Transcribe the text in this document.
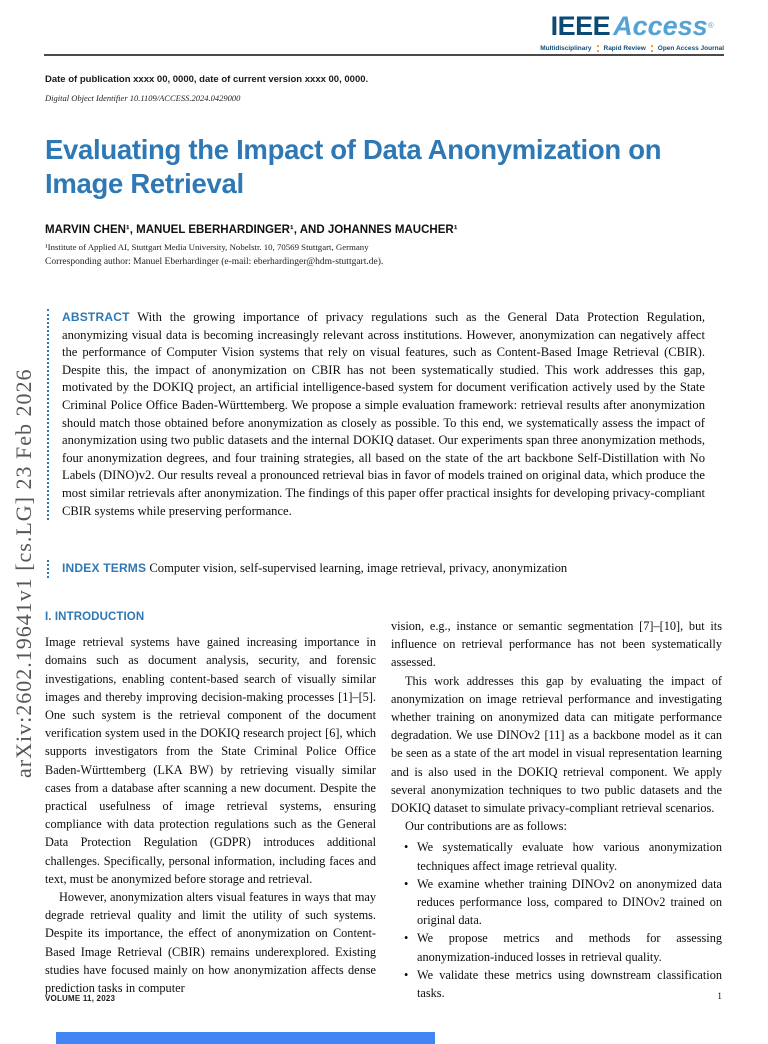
IEEE Access®
Multidisciplinary Rapid Review Open Access Journal
Date of publication xxxx 00, 0000, date of current version xxxx 00, 0000.
Digital Object Identifier 10.1109/ACCESS.2024.0429000
arXiv:2602.19641v1 [cs.LG] 23 Feb 2026
Evaluating the Impact of Data Anonymization on Image Retrieval
MARVIN CHEN¹, MANUEL EBERHARDINGER¹, AND JOHANNES MAUCHER¹
¹Institute of Applied AI, Stuttgart Media University, Nobelstr. 10, 70569 Stuttgart, Germany
Corresponding author: Manuel Eberhardinger (e-mail: eberhardinger@hdm-stuttgart.de).
ABSTRACT With the growing importance of privacy regulations such as the General Data Protection Regulation, anonymizing visual data is becoming increasingly relevant across institutions. However, anonymization can negatively affect the performance of Computer Vision systems that rely on visual features, such as Content-Based Image Retrieval (CBIR). Despite this, the impact of anonymization on CBIR has not been systematically studied. This work addresses this gap, motivated by the DOKIQ project, an artificial intelligence-based system for document verification actively used by the State Criminal Police Office Baden-Württemberg. We propose a simple evaluation framework: retrieval results after anonymization should match those obtained before anonymization as closely as possible. To this end, we systematically assess the impact of anonymization using two public datasets and the internal DOKIQ dataset. Our experiments span three anonymization methods, four anonymization degrees, and four training strategies, all based on the state of the art backbone Self-Distillation with No Labels (DINO)v2. Our results reveal a pronounced retrieval bias in favor of models trained on original data, which produce the most similar retrievals after anonymization. The findings of this paper offer practical insights for developing privacy-compliant CBIR systems while preserving performance.
INDEX TERMS Computer vision, self-supervised learning, image retrieval, privacy, anonymization
I. INTRODUCTION

Image retrieval systems have gained increasing importance in domains such as document analysis, security, and forensic investigations, enabling content-based search of visually similar images and thereby improving decision-making processes [1]–[5]. One such system is the retrieval component of the document verification system used in the DOKIQ research project [6], which supports investigators from the State Criminal Police Office Baden-Württemberg (LKA BW) by retrieving visually similar cases from a database after scanning a new document. Despite the practical usefulness of image retrieval systems, ensuring compliance with data protection regulations such as the General Data Protection Regulation (GDPR) introduces additional challenges. Specifically, personal information, including faces and text, must be anonymized before storage and retrieval.

However, anonymization alters visual features in ways that may degrade retrieval quality and limit the utility of such systems. Despite its importance, the effect of anonymization on Content-Based Image Retrieval (CBIR) remains underexplored. Existing studies have focused mainly on how anonymization affects dense prediction tasks in computer

vision, e.g., instance or semantic segmentation [7]–[10], but its influence on retrieval performance has not been systematically assessed.

This work addresses this gap by evaluating the impact of anonymization on image retrieval performance and investigating whether training on anonymized data can mitigate performance degradation. We use DINOv2 [11] as a backbone model as it can be seen as a state of the art model in visual representation learning and is also used in the DOKIQ retrieval component. We apply several anonymization techniques to two public datasets and the DOKIQ dataset to simulate privacy-compliant retrieval scenarios.

Our contributions are as follows:

• We systematically evaluate how various anonymization techniques affect image retrieval quality.
• We examine whether training DINOv2 on anonymized data reduces performance loss, compared to DINOv2 trained on original data.
• We propose metrics and methods for assessing anonymization-induced losses in retrieval quality.
• We validate these metrics using downstream classification tasks.
VOLUME 11, 2023	1
